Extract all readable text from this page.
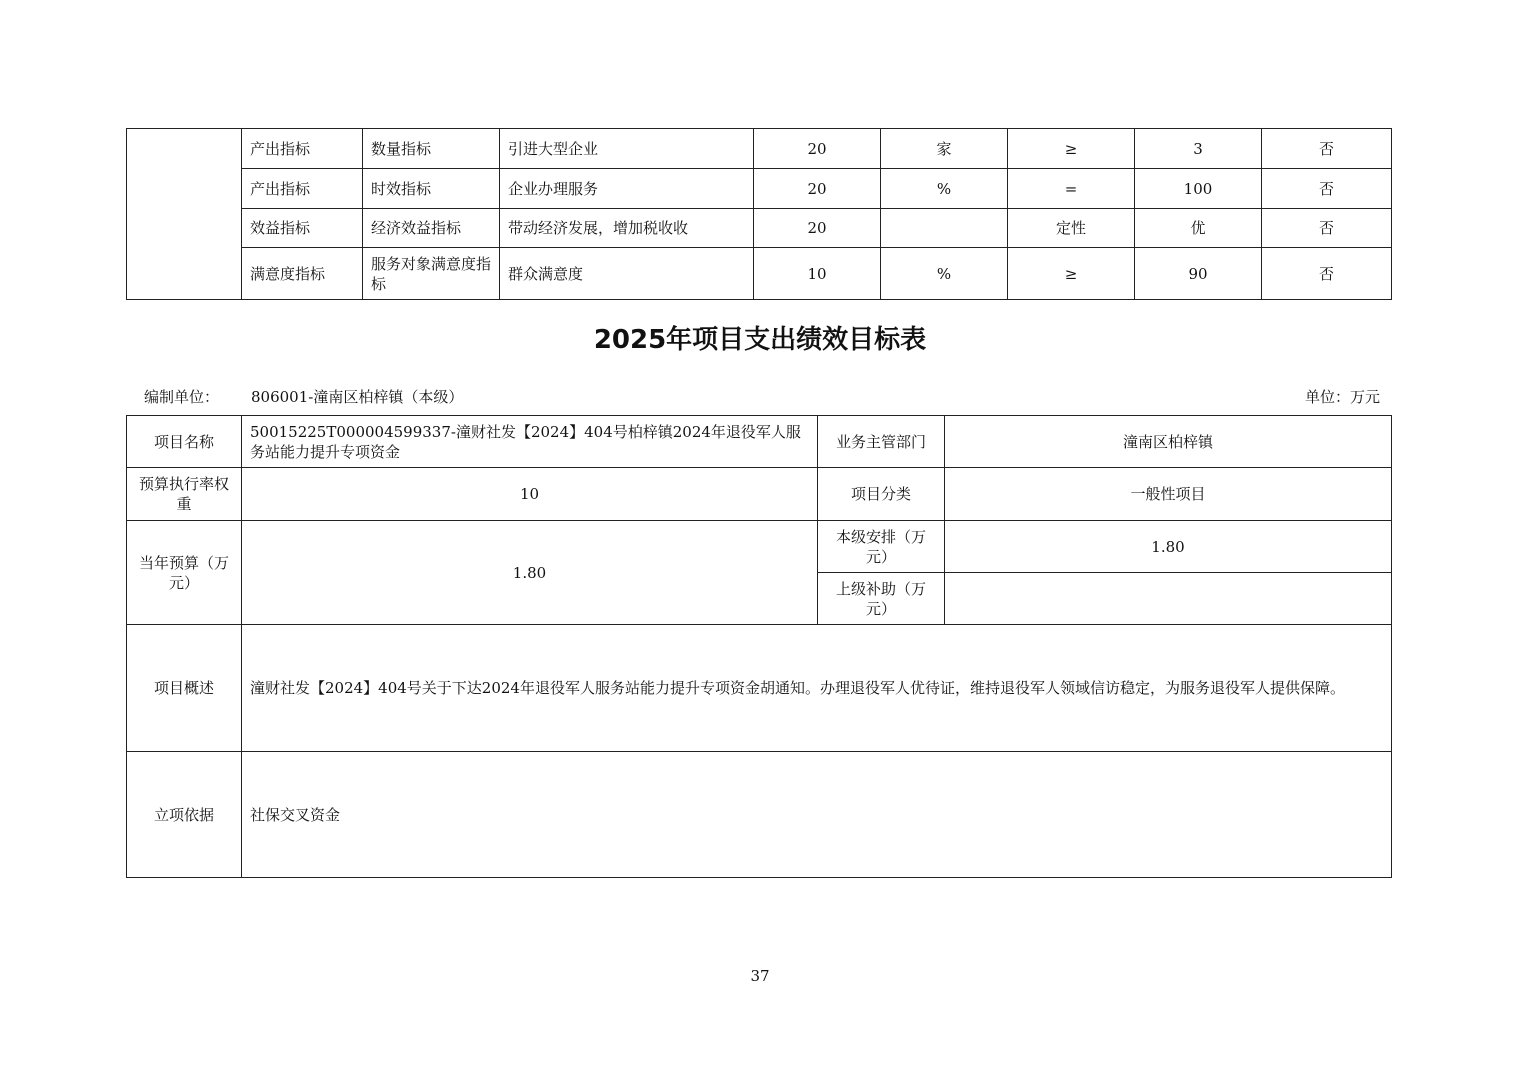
	产出指标	数量指标	引进大型企业	20	家	≥	3	否
	产出指标	时效指标	企业办理服务	20	%	=	100	否
	效益指标	经济效益指标	带动经济发展，增加税收收	20		定性	优	否
	满意度指标	服务对象满意度指标	群众满意度	10	%	≥	90	否
2025年项目支出绩效目标表
编制单位： 806001-潼南区柏梓镇（本级）	单位：万元
项目名称	50015225T000004599337-潼财社发【2024】404号柏梓镇2024年退役军人服务站能力提升专项资金	业务主管部门	潼南区柏梓镇
预算执行率权重	10	项目分类	一般性项目
当年预算（万元）	1.80	本级安排（万元）	1.80
		上级补助（万元）	
项目概述	潼财社发【2024】404号关于下达2024年退役军人服务站能力提升专项资金胡通知。办理退役军人优待证，维持退役军人领域信访稳定，为服务退役军人提供保障。		
立项依据	社保交叉资金		
37
